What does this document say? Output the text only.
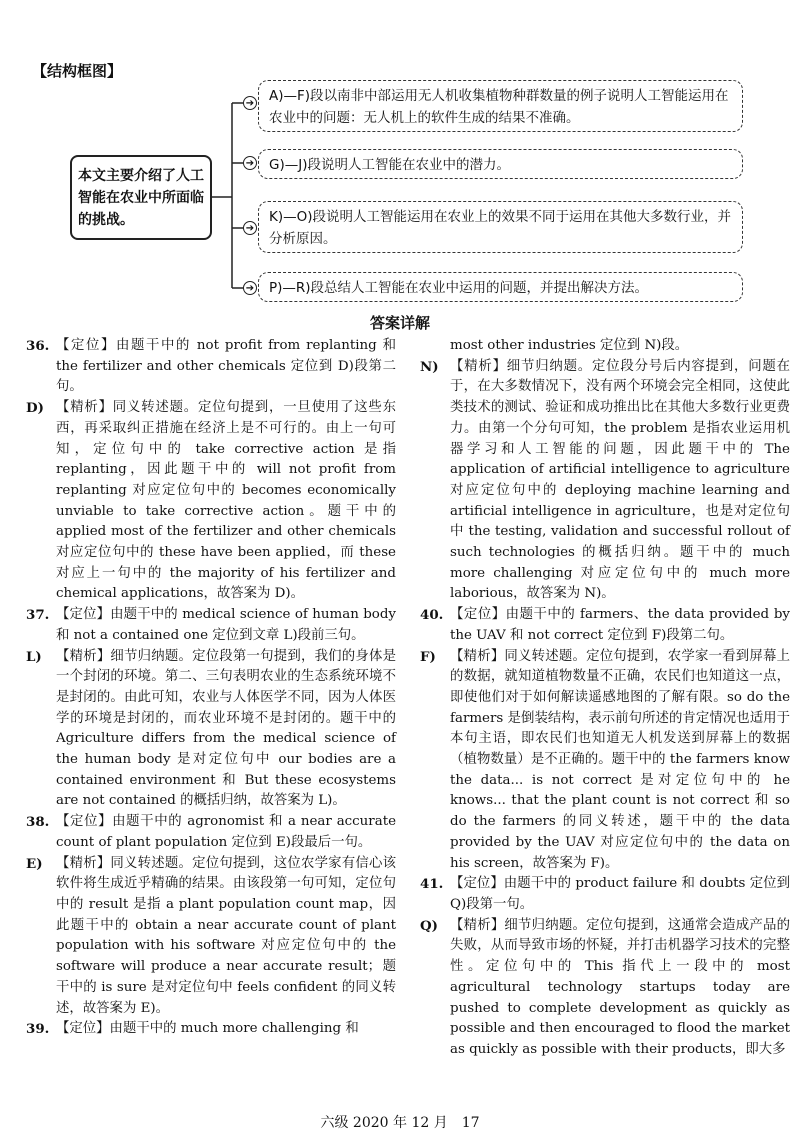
【结构框图】
本文主要介绍了人工智能在农业中所面临的挑战。
➔
➔
➔
➔
A)—F)段以南非中部运用无人机收集植物种群数量的例子说明人工智能运用在农业中的问题：无人机上的软件生成的结果不准确。
G)—J)段说明人工智能在农业中的潜力。
K)—O)段说明人工智能运用在农业上的效果不同于运用在其他大多数行业，并分析原因。
P)—R)段总结人工智能在农业中运用的问题，并提出解决方法。
答案详解
36. 【定位】由题干中的 not profit from replanting 和 the fertilizer and other chemicals 定位到 D)段第二句。

D) 【精析】同义转述题。定位句提到，一旦使用了这些东西，再采取纠正措施在经济上是不可行的。由上一句可知，定位句中的 take corrective action 是指 replanting，因此题干中的 will not profit from replanting 对应定位句中的 becomes economically unviable to take corrective action。题干中的 applied most of the fertilizer and other chemicals 对应定位句中的 these have been applied，而 these 对应上一句中的 the majority of his fertilizer and chemical applications，故答案为 D)。

37. 【定位】由题干中的 medical science of human body 和 not a contained one 定位到文章 L)段前三句。

L) 【精析】细节归纳题。定位段第一句提到，我们的身体是一个封闭的环境。第二、三句表明农业的生态系统环境不是封闭的。由此可知，农业与人体医学不同，因为人体医学的环境是封闭的，而农业环境不是封闭的。题干中的 Agriculture differs from the medical science of the human body 是对定位句中 our bodies are a contained environment 和 But these ecosystems are not contained 的概括归纳，故答案为 L)。

38. 【定位】由题干中的 agronomist 和 a near accurate count of plant population 定位到 E)段最后一句。

E) 【精析】同义转述题。定位句提到，这位农学家有信心该软件将生成近乎精确的结果。由该段第一句可知，定位句中的 result 是指 a plant population count map，因此题干中的 obtain a near accurate count of plant population with his software 对应定位句中的 the software will produce a near accurate result；题干中的 is sure 是对定位句中 feels confident 的同义转述，故答案为 E)。

39. 【定位】由题干中的 much more challenging 和

most other industries 定位到 N)段。

N) 【精析】细节归纳题。定位段分号后内容提到，问题在于，在大多数情况下，没有两个环境会完全相同，这使此类技术的测试、验证和成功推出比在其他大多数行业更费力。由第一个分句可知，the problem 是指农业运用机器学习和人工智能的问题，因此题干中的 The application of artificial intelligence to agriculture 对应定位句中的 deploying machine learning and artificial intelligence in agriculture，也是对定位句中 the testing, validation and successful rollout of such technologies 的概括归纳。题干中的 much more challenging 对应定位句中的 much more laborious，故答案为 N)。

40. 【定位】由题干中的 farmers、the data provided by the UAV 和 not correct 定位到 F)段第二句。

F) 【精析】同义转述题。定位句提到，农学家一看到屏幕上的数据，就知道植物数量不正确，农民们也知道这一点，即使他们对于如何解读遥感地图的了解有限。so do the farmers 是倒装结构，表示前句所述的肯定情况也适用于本句主语，即农民们也知道无人机发送到屏幕上的数据（植物数量）是不正确的。题干中的 the farmers know the data... is not correct 是对定位句中的 he knows... that the plant count is not correct 和 so do the farmers 的同义转述，题干中的 the data provided by the UAV 对应定位句中的 the data on his screen，故答案为 F)。

41. 【定位】由题干中的 product failure 和 doubts 定位到 Q)段第一句。

Q) 【精析】细节归纳题。定位句提到，这通常会造成产品的失败，从而导致市场的怀疑，并打击机器学习技术的完整性。定位句中的 This 指代上一段中的 most agricultural technology startups today are pushed to complete development as quickly as possible and then encouraged to flood the market as quickly as possible with their products，即大多

六级 2020 年 12 月　17
